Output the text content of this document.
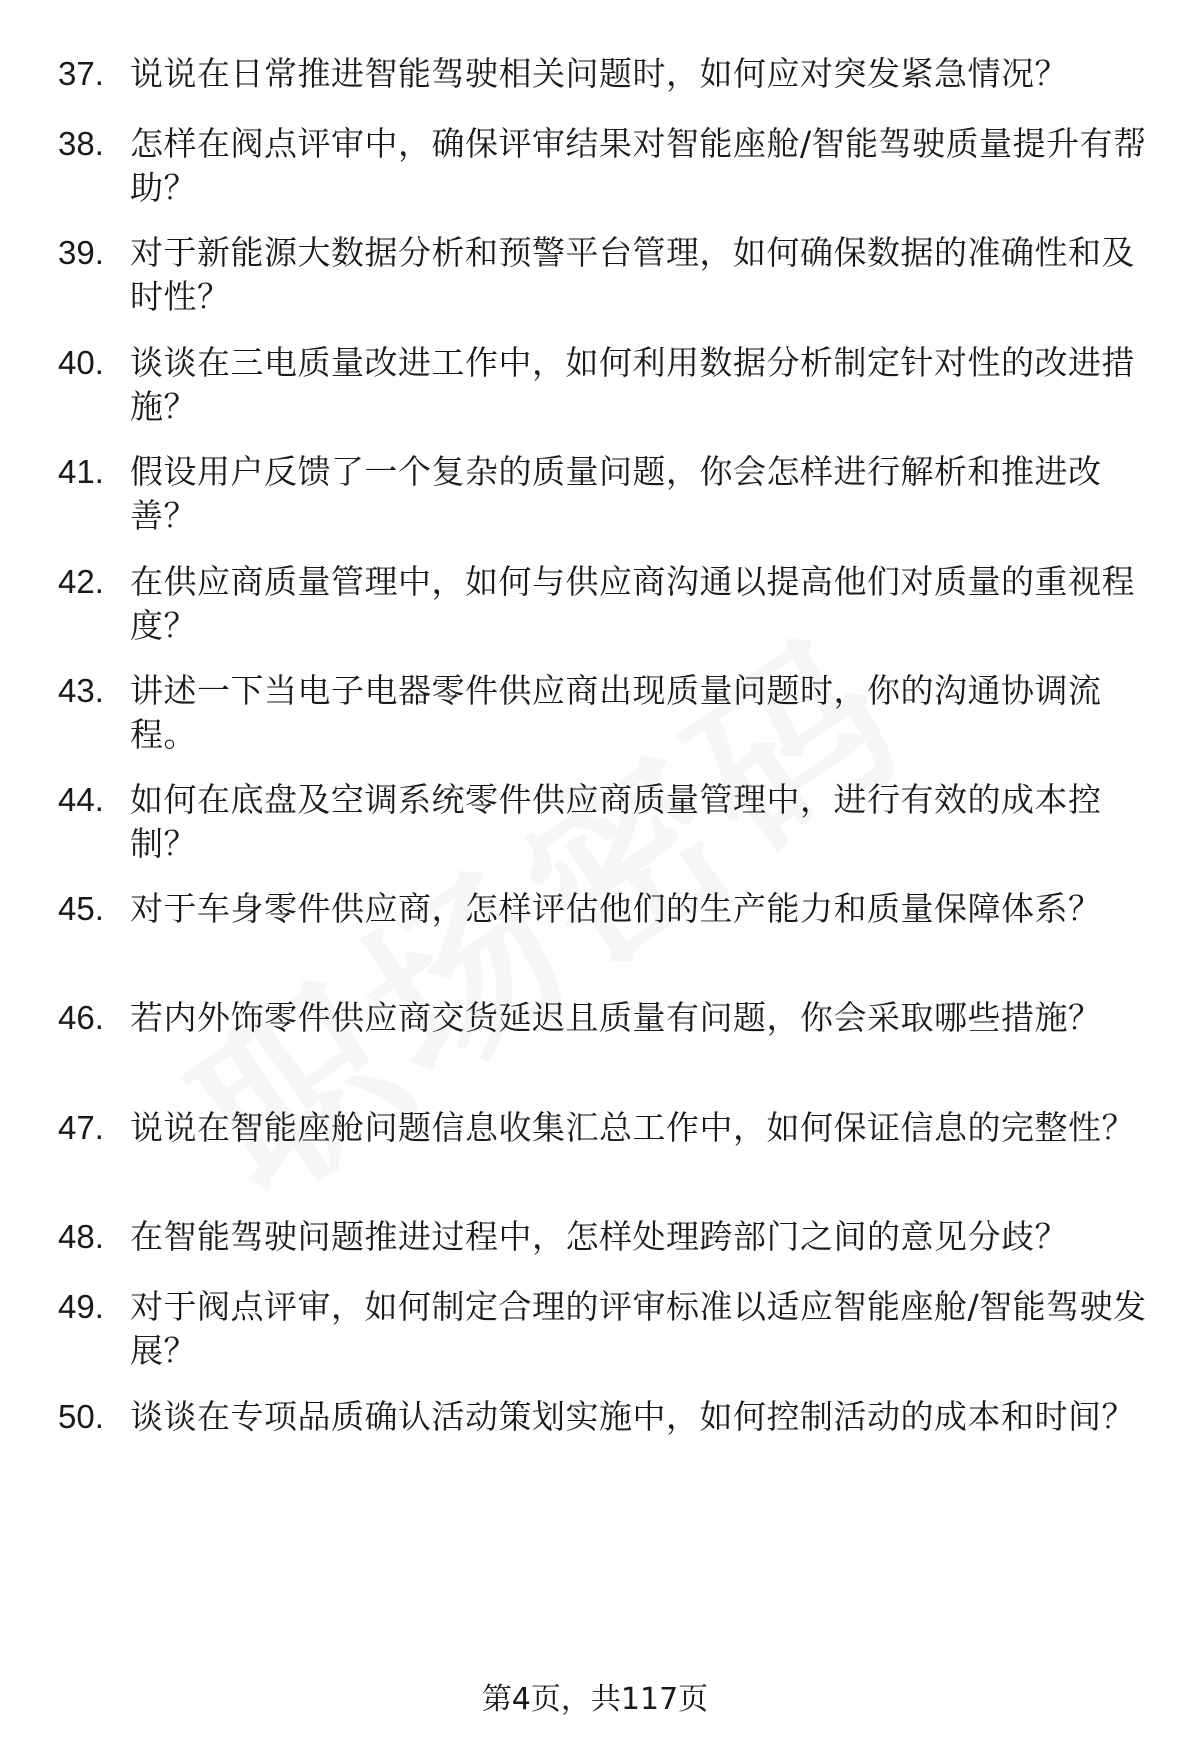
37. 说说在日常推进智能驾驶相关问题时，如何应对突发紧急情况？
38. 怎样在阀点评审中，确保评审结果对智能座舱/智能驾驶质量提升有帮助？
39. 对于新能源大数据分析和预警平台管理，如何确保数据的准确性和及时性？
40. 谈谈在三电质量改进工作中，如何利用数据分析制定针对性的改进措施？
41. 假设用户反馈了一个复杂的质量问题，你会怎样进行解析和推进改善？
42. 在供应商质量管理中，如何与供应商沟通以提高他们对质量的重视程度？
43. 讲述一下当电子电器零件供应商出现质量问题时，你的沟通协调流程。
44. 如何在底盘及空调系统零件供应商质量管理中，进行有效的成本控制？
45. 对于车身零件供应商，怎样评估他们的生产能力和质量保障体系？
46. 若内外饰零件供应商交货延迟且质量有问题，你会采取哪些措施？
47. 说说在智能座舱问题信息收集汇总工作中，如何保证信息的完整性？
48. 在智能驾驶问题推进过程中，怎样处理跨部门之间的意见分歧？
49. 对于阀点评审，如何制定合理的评审标准以适应智能座舱/智能驾驶发展？
50. 谈谈在专项品质确认活动策划实施中，如何控制活动的成本和时间？
第4页，共117页
